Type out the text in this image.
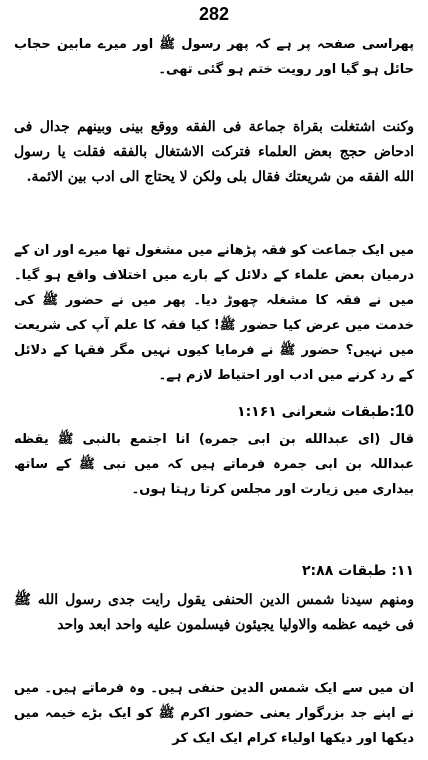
282
پھراسی صفحہ پر ہے کہ پھر رسول ﷺ اور میرے مابین حجاب حائل ہو گیا اور رویت ختم ہو گئی تھی۔
وكنت اشتغلت بقراة جماعة فى الفقه ووقع بينى وبينهم جدال فى ادحاض حجج بعض العلماء فتركت الاشتغال بالفقه فقلت يا رسول الله الفقه من شريعتك فقال بلى ولكن لا يحتاج الى ادب بين الائمة.
میں ایک جماعت کو فقہ پڑھانے میں مشغول تھا میرے اور ان کے درمیان بعض علماء کے دلائل کے بارے میں اختلاف واقع ہو گیا۔ میں نے فقہ کا مشغلہ چھوڑ دیا۔ پھر میں نے حضور ﷺ کی خدمت میں عرض کیا حضور ﷺ! کیا فقہ کا علم آپ کی شریعت میں نہیں؟ حضور ﷺ نے فرمایا کیوں نہیں مگر فقہا کے دلائل کے رد کرنے میں ادب اور احتیاط لازم ہے۔
10:طبقات شعرانی ۱:۱۶۱
قال (اى عبدالله بن ابى جمره) انا اجتمع بالنبى ﷺ يقظه عبداللہ بن ابی جمرہ فرماتے ہیں کہ میں نبی ﷺ کے ساتھ بیداری میں زیارت اور مجلس کرتا رہتا ہوں۔
۱۱: طبقات ۲:۸۸
ومنهم سيدنا شمس الدين الحنفى يقول رايت جدى رسول الله ﷺ فى خيمه عظمه والاوليا يجيئون فيسلمون عليه واحد ابعد واحد
ان میں سے ایک شمس الدین حنفی ہیں۔ وہ فرماتے ہیں۔ میں نے اپنے جد بزرگوار یعنی حضور اکرم ﷺ کو ایک بڑے خیمہ میں دیکھا اور دیکھا اولیاء کرام ایک ایک کر
